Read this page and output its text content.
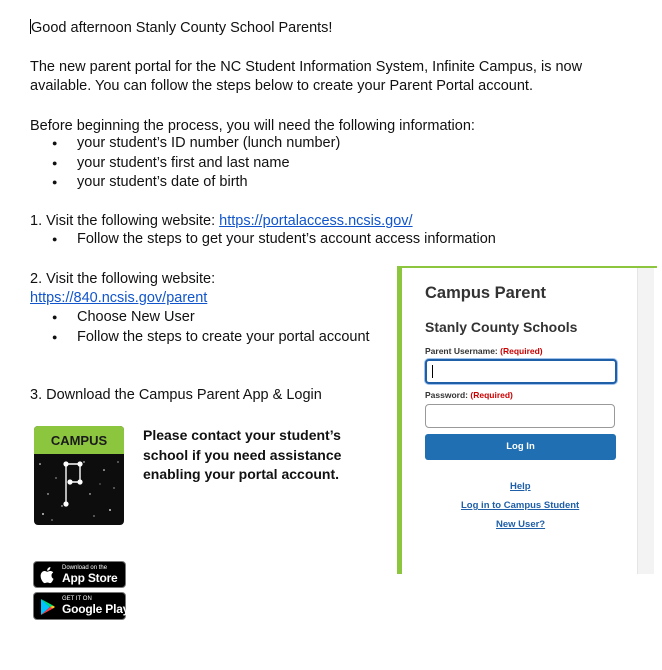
Good afternoon Stanly County School Parents!
The new parent portal for the NC Student Information System, Infinite Campus, is now
available. You can follow the steps below to create your Parent Portal account.
Before beginning the process, you will need the following information:
● your student’s ID number (lunch number)
● your student’s first and last name
● your student’s date of birth
1. Visit the following website: https://portalaccess.ncsis.gov/
● Follow the steps to get your student’s account access information
2. Visit the following website:
https://840.ncsis.gov/parent
● Choose New User
● Follow the steps to create your portal account
3. Download the Campus Parent App & Login
CAMPUS	Please contact your student’s school if you need assistance enabling your portal account.
Download on the
App Store
GET IT ON
Google Play
Campus Parent
Stanly County Schools
Parent Username: (Required)
Password: (Required)
Log In
Help
Log in to Campus Student
New User?
